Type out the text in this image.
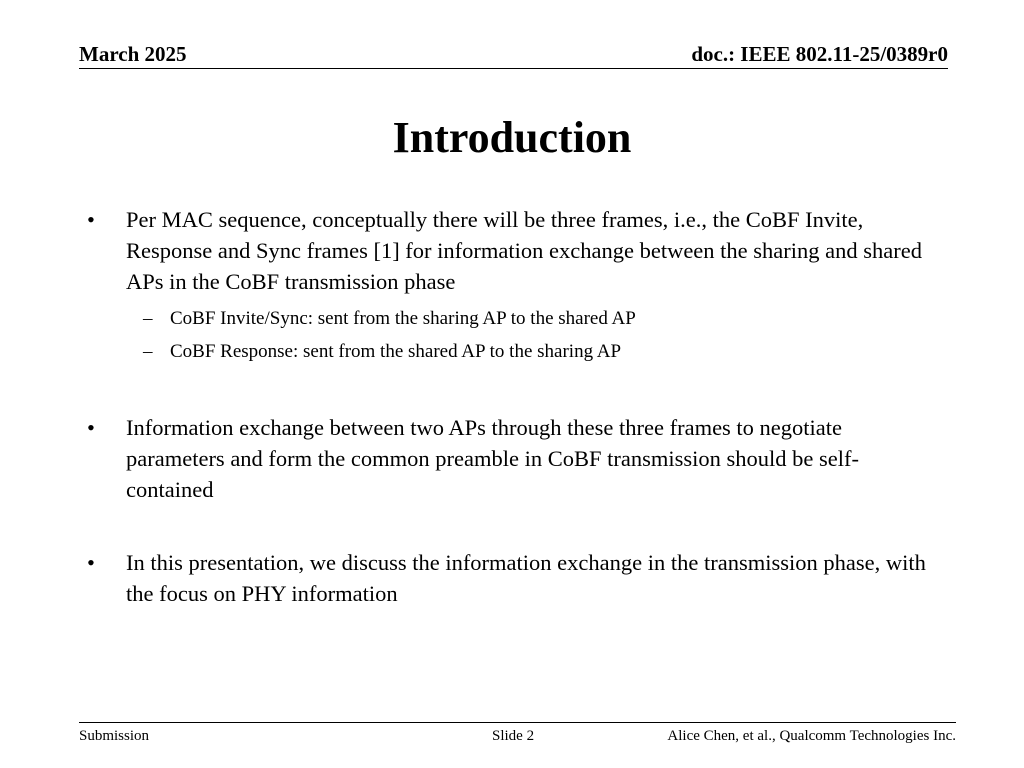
March 2025	doc.: IEEE 802.11-25/0389r0
Introduction
• Per MAC sequence, conceptually there will be three frames, i.e., the CoBF Invite, Response and Sync frames [1] for information exchange between the sharing and shared APs in the CoBF transmission phase
– CoBF Invite/Sync: sent from the sharing AP to the shared AP
– CoBF Response: sent from the shared AP to the sharing AP
• Information exchange between two APs through these three frames to negotiate parameters and form the common preamble in CoBF transmission should be self-contained
• In this presentation, we discuss the information exchange in the transmission phase, with the focus on PHY information
Submission	Slide 2	Alice Chen, et al., Qualcomm Technologies Inc.
